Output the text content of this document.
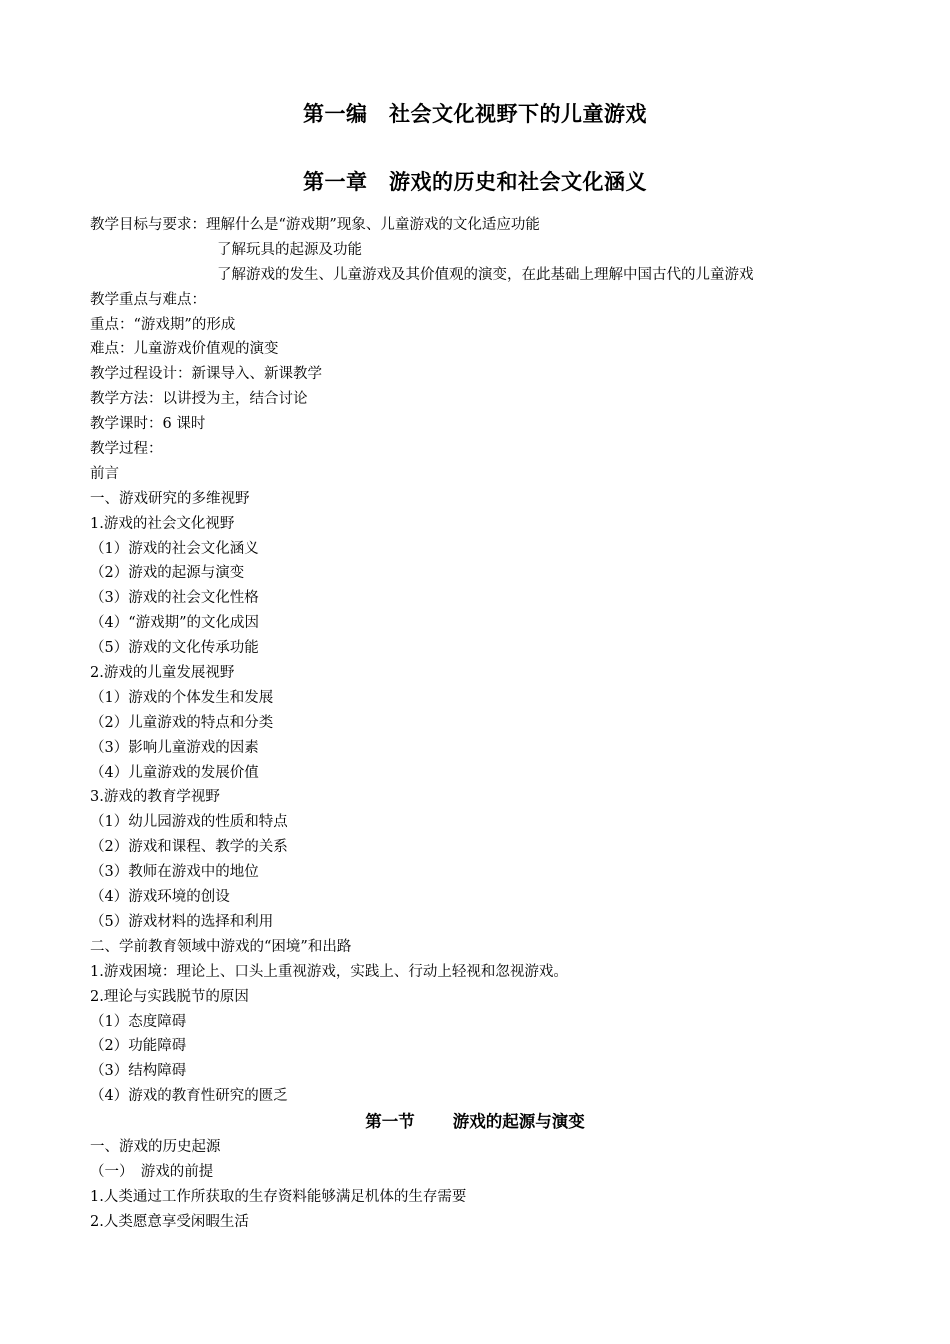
第一编　社会文化视野下的儿童游戏
第一章　游戏的历史和社会文化涵义
教学目标与要求：理解什么是“游戏期”现象、儿童游戏的文化适应功能
了解玩具的起源及功能
了解游戏的发生、儿童游戏及其价值观的演变，在此基础上理解中国古代的儿童游戏
教学重点与难点：
重点：“游戏期”的形成
难点：儿童游戏价值观的演变
教学过程设计：新课导入、新课教学
教学方法：以讲授为主，结合讨论
教学课时：6 课时
教学过程：
前言
一、游戏研究的多维视野
1.游戏的社会文化视野
（1）游戏的社会文化涵义
（2）游戏的起源与演变
（3）游戏的社会文化性格
（4）“游戏期”的文化成因
（5）游戏的文化传承功能
2.游戏的儿童发展视野
（1）游戏的个体发生和发展
（2）儿童游戏的特点和分类
（3）影响儿童游戏的因素
（4）儿童游戏的发展价值
3.游戏的教育学视野
（1）幼儿园游戏的性质和特点
（2）游戏和课程、教学的关系
（3）教师在游戏中的地位
（4）游戏环境的创设
（5）游戏材料的选择和利用
二、学前教育领域中游戏的“困境”和出路
1.游戏困境：理论上、口头上重视游戏，实践上、行动上轻视和忽视游戏。
2.理论与实践脱节的原因
（1）态度障碍
（2）功能障碍
（3）结构障碍
（4）游戏的教育性研究的匮乏
第一节 游戏的起源与演变
一、游戏的历史起源
（一）　游戏的前提
1.人类通过工作所获取的生存资料能够满足机体的生存需要
2.人类愿意享受闲暇生活
